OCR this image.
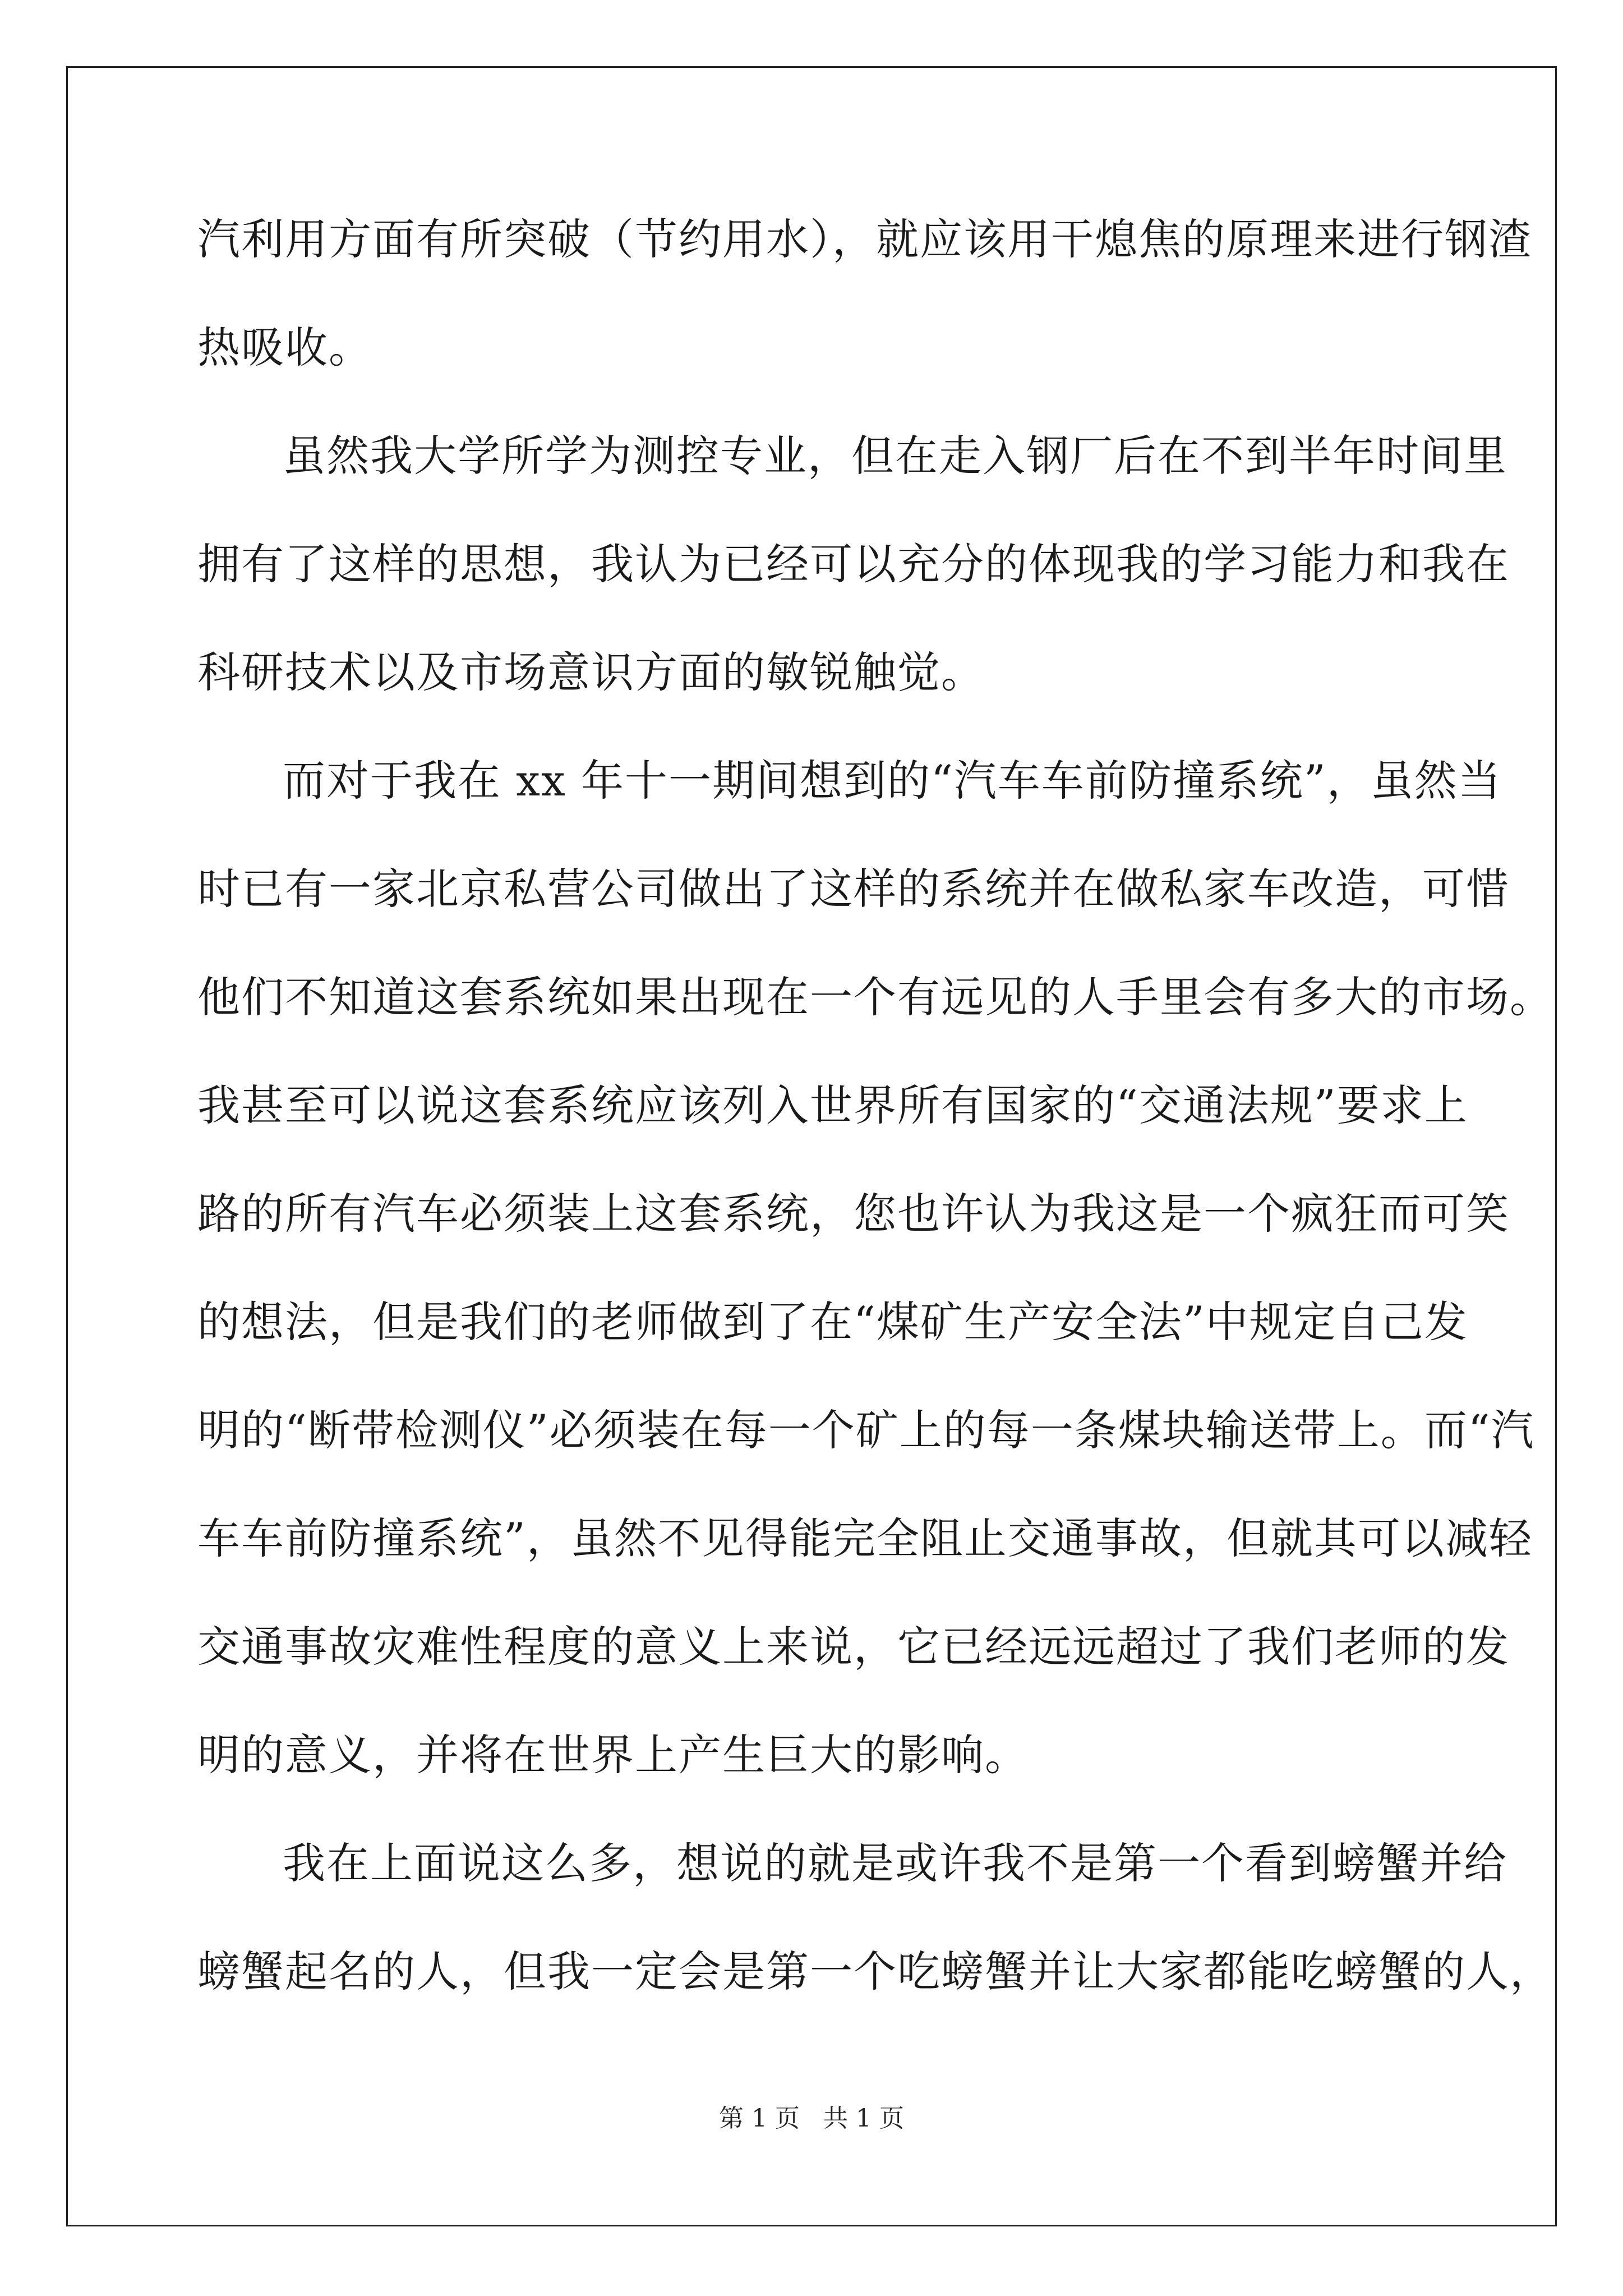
汽利用方面有所突破（节约用水），就应该用干熄焦的原理来进行钢渣
热吸收。
虽然我大学所学为测控专业，但在走入钢厂后在不到半年时间里
拥有了这样的思想，我认为已经可以充分的体现我的学习能力和我在
科研技术以及市场意识方面的敏锐触觉。
而对于我在 xx 年十一期间想到的“汽车车前防撞系统”，虽然当
时已有一家北京私营公司做出了这样的系统并在做私家车改造，可惜
他们不知道这套系统如果出现在一个有远见的人手里会有多大的市场。
我甚至可以说这套系统应该列入世界所有国家的“交通法规”要求上
路的所有汽车必须装上这套系统，您也许认为我这是一个疯狂而可笑
的想法，但是我们的老师做到了在“煤矿生产安全法”中规定自己发
明的“断带检测仪”必须装在每一个矿上的每一条煤块输送带上。而“汽
车车前防撞系统”，虽然不见得能完全阻止交通事故，但就其可以减轻
交通事故灾难性程度的意义上来说，它已经远远超过了我们老师的发
明的意义，并将在世界上产生巨大的影响。
我在上面说这么多，想说的就是或许我不是第一个看到螃蟹并给
螃蟹起名的人，但我一定会是第一个吃螃蟹并让大家都能吃螃蟹的人，
第 1 页   共 1 页
